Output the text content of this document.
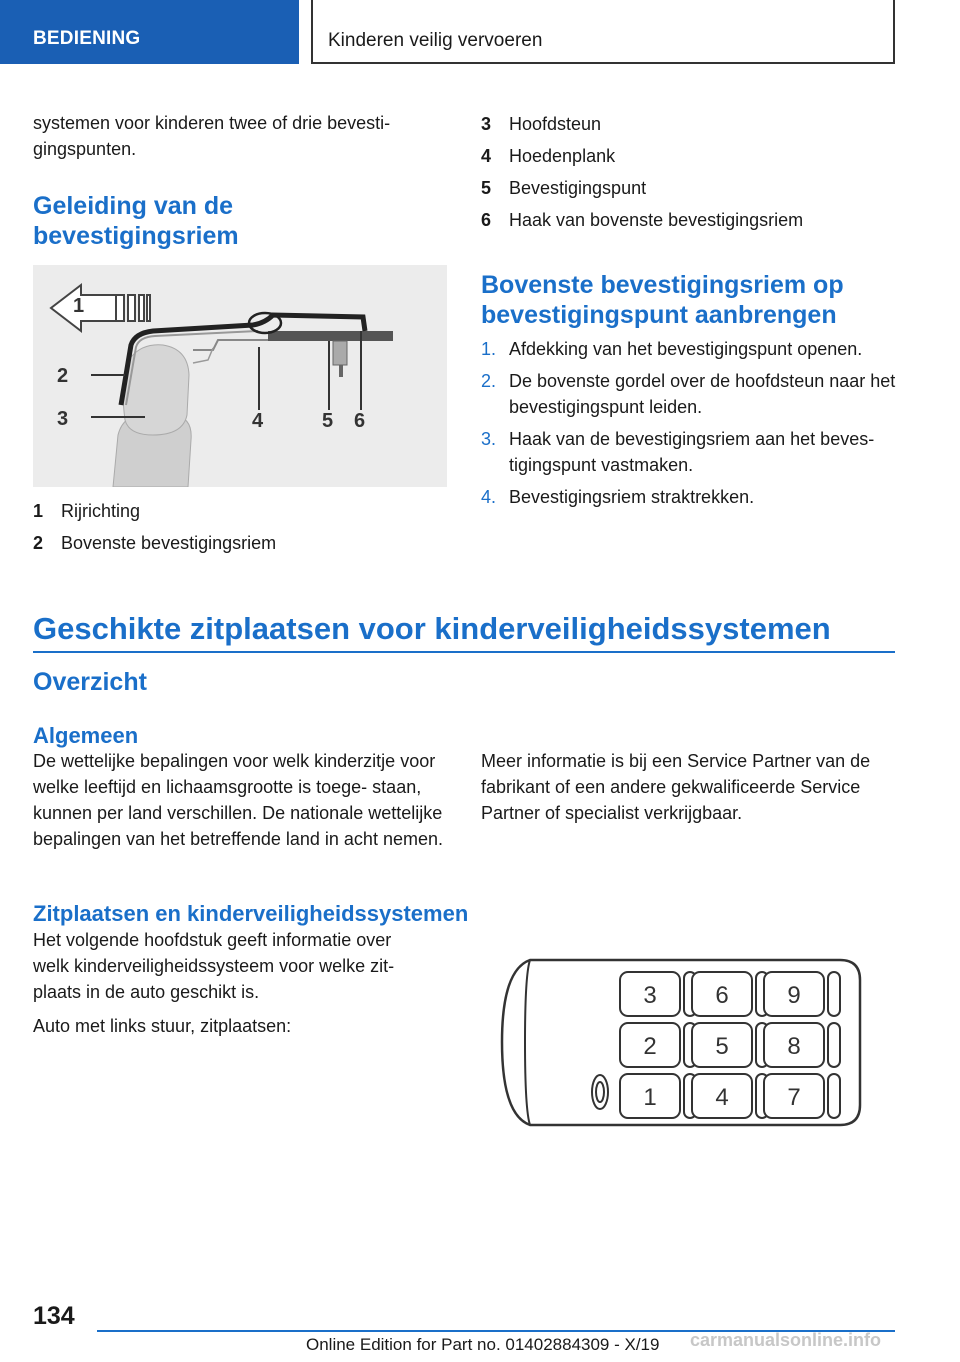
BEDIENING	Kinderen veilig vervoeren
systemen voor kinderen twee of drie bevesti‐ gingspunten.
Geleiding van de
bevestigingsriem
1
2
3	4	5 6
1 Rijrichting
2 Bovenste bevestigingsriem
3 Hoofdsteun
4 Hoedenplank
5 Bevestigingspunt
6 Haak van bovenste bevestigingsriem
Bovenste bevestigingsriem op
bevestigingspunt aanbrengen
1. Afdekking van het bevestigingspunt openen.
2. De bovenste gordel over de hoofdsteun naar het bevestigingspunt leiden.
3. Haak van de bevestigingsriem aan het beves‐ tigingspunt vastmaken.
4. Bevestigingsriem straktrekken.
Geschikte zitplaatsen voor kinderveiligheidssystemen
Overzicht
Algemeen
De wettelijke bepalingen voor welk kinderzitje voor welke leeftijd en lichaamsgrootte is toege‐ staan, kunnen per land verschillen. De nationale wettelijke bepalingen van het betreffende land in acht nemen.
Meer informatie is bij een Service Partner van de fabrikant of een andere gekwalificeerde Service Partner of specialist verkrijgbaar.
Zitplaatsen en kinderveiligheidssystemen
Het volgende hoofdstuk geeft informatie over welk kinderveiligheidssysteem voor welke zit‐ plaats in de auto geschikt is.
Auto met links stuur, zitplaatsen:
3 6 9
2 5 8
1 4 7
134
Online Edition for Part no. 01402884309 - X/19 carmanualsonline.info
